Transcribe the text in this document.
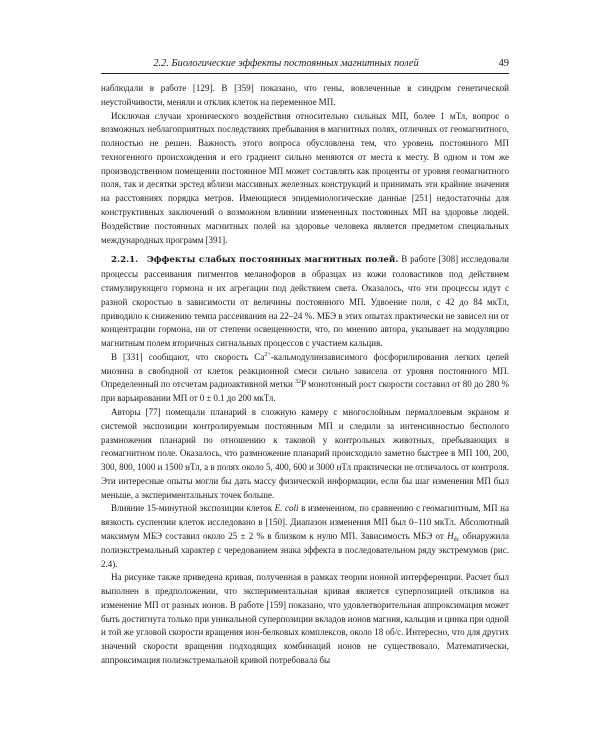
2.2. Биологические эффекты постоянных магнитных полей	49

наблюдали в работе [129]. В [359] показано, что гены, вовлеченные в синдром генетической неустойчивости, меняли и отклик клеток на переменное МП.

Исключая случаи хронического воздействия относительно сильных МП, более 1 мТл, вопрос о возможных неблагоприятных последствиях пребывания в магнитных полях, отличных от геомагнитного, полностью не решен. Важность этого вопроса обусловлена тем, что уровень постоянного МП техногенного происхождения и его градиент сильно меняются от места к месту. В одном и том же производственном помещении постоянное МП может составлять как проценты от уровня геомагнитного поля, так и десятки эрстед вблизи массивных железных конструкций и принимать эти крайние значения на расстояниях порядка метров. Имеющиеся эпидемиологические данные [251] недостаточны для конструктивных заключений о возможном влиянии измененных постоянных МП на здоровье людей. Воздействие постоянных магнитных полей на здоровье человека является предметом специальных международных программ [391].

2.2.1. Эффекты слабых постоянных магнитных полей. В работе [308] исследовали процессы рассеивания пигментов меланофоров в образцах из кожи головастиков под действием стимулирующего гормона и их агрегации под действием света. Оказалось, что эти процессы идут с разной скоростью в зависимости от величины постоянного МП. Удвоение поля, с 42 до 84 мкТл, приводило к снижению темпа рассеивания на 22–24 %. МБЭ в этих опытах практически не зависел ни от концентрации гормона, ни от степени освещенности, что, по мнению автора, указывает на модуляцию магнитным полем вторичных сигнальных процессов с участием кальция.

В [331] сообщают, что скорость $Ca^{2+}$-кальмодулинзависимого фосфорилирования легких цепей миозина в свободной от клеток реакционной смеси сильно зависела от уровня постоянного МП. Определенный по отсчетам радиоактивной метки $^{32}$P монотонный рост скорости составил от 80 до 280 % при варьировании МП от 0 ± 0.1 до 200 мкТл.

Авторы [77] помещали планарий в сложную камеру с многослойным пермаллоевым экраном и системой экспозиции контролируемым постоянным МП и следили за интенсивностью бесполого размножения планарий по отношению к таковой у контрольных животных, пребывающих в геомагнитном поле. Оказалось, что размножение планарий происходило заметно быстрее в МП 100, 200, 300, 800, 1000 и 1500 нТл, а в полях около 5, 400, 600 и 3000 нТл практически не отличалось от контроля. Эти интересные опыты могли бы дать массу физической информации, если бы шаг изменения МП был меньше, а экспериментальных точек больше.

Влияние 15-минутной экспозиции клеток E. coli в измененном, по сравнению с геомагнитным, МП на вязкость суспензии клеток исследовано в [150]. Диапазон изменения МП был 0–110 мкТл. Абсолютный максимум МБЭ составил около 25 ± 2 % в близком к нулю МП. Зависимость МБЭ от $H_{dc}$ обнаружила полиэкстремальный характер с чередованием знака эффекта в последовательном ряду экстремумов (рис. 2.4).

На рисунке также приведена кривая, полученная в рамках теории ионной интерференции. Расчет был выполнен в предположении, что экспериментальная кривая является суперпозицией откликов на изменение МП от разных ионов. В работе [159] показано, что удовлетворительная аппроксимация может быть достигнута только при уникальной суперпозиции вкладов ионов магния, кальция и цинка при одной и той же угловой скорости вращения ион-белковых комплексов, около 18 об/с. Интересно, что для других значений скорости вращения подходящих комбинаций ионов не существовало. Математически, аппроксимация полиэкстремальной кривой потребовала бы
